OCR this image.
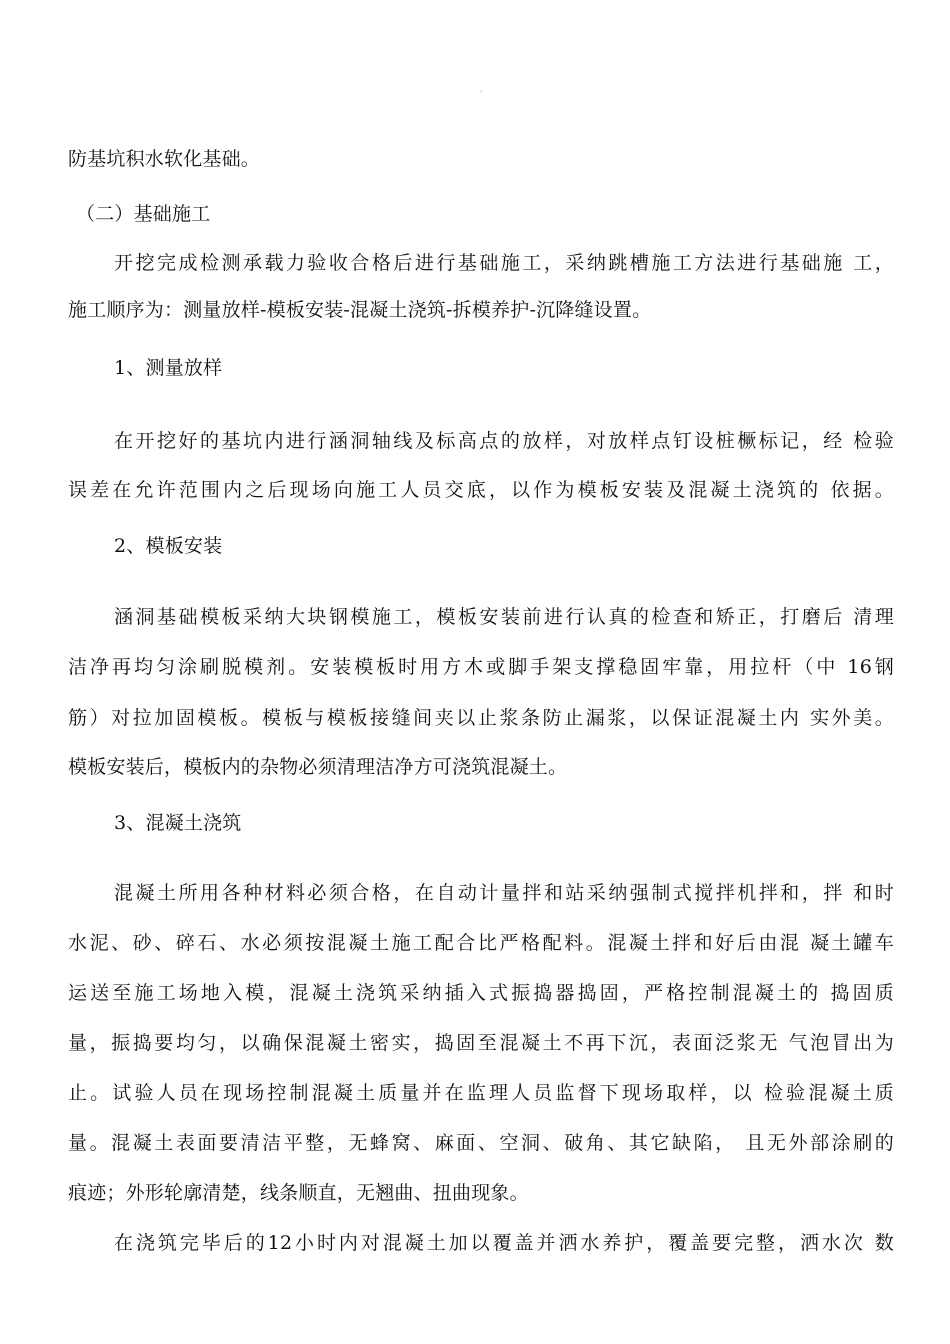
ˈ
防基坑积水软化基础。
（二）基础施工
开挖完成检测承载力验收合格后进行基础施工，采纳跳槽施工方法进行基础施 工，
施工顺序为：测量放样-模板安装-混凝土浇筑-拆模养护-沉降缝设置。
1、测量放样
在开挖好的基坑内进行涵洞轴线及标高点的放样，对放样点钉设桩橛标记，经 检验
误差在允许范围内之后现场向施工人员交底，以作为模板安装及混凝土浇筑的 依据。
2、模板安装
涵洞基础模板采纳大块钢模施工，模板安装前进行认真的检查和矫正，打磨后 清理
洁净再均匀涂刷脱模剂。安装模板时用方木或脚手架支撑稳固牢靠，用拉杆（中 16钢
筋）对拉加固模板。模板与模板接缝间夹以止浆条防止漏浆，以保证混凝土内 实外美。
模板安装后，模板内的杂物必须清理洁净方可浇筑混凝土。
3、混凝土浇筑
混凝土所用各种材料必须合格，在自动计量拌和站采纳强制式搅拌机拌和，拌 和时
水泥、砂、碎石、水必须按混凝土施工配合比严格配料。混凝土拌和好后由混 凝土罐车
运送至施工场地入模，混凝土浇筑采纳插入式振捣器捣固，严格控制混凝土的 捣固质
量，振捣要均匀，以确保混凝土密实，捣固至混凝土不再下沉，表面泛浆无 气泡冒出为
止。试验人员在现场控制混凝土质量并在监理人员监督下现场取样，以 检验混凝土质
量。混凝土表面要清洁平整，无蜂窝、麻面、空洞、破角、其它缺陷， 且无外部涂刷的
痕迹；外形轮廓清楚，线条顺直，无翘曲、扭曲现象。
在浇筑完毕后的12小时内对混凝土加以覆盖并洒水养护，覆盖要完整，洒水次 数
